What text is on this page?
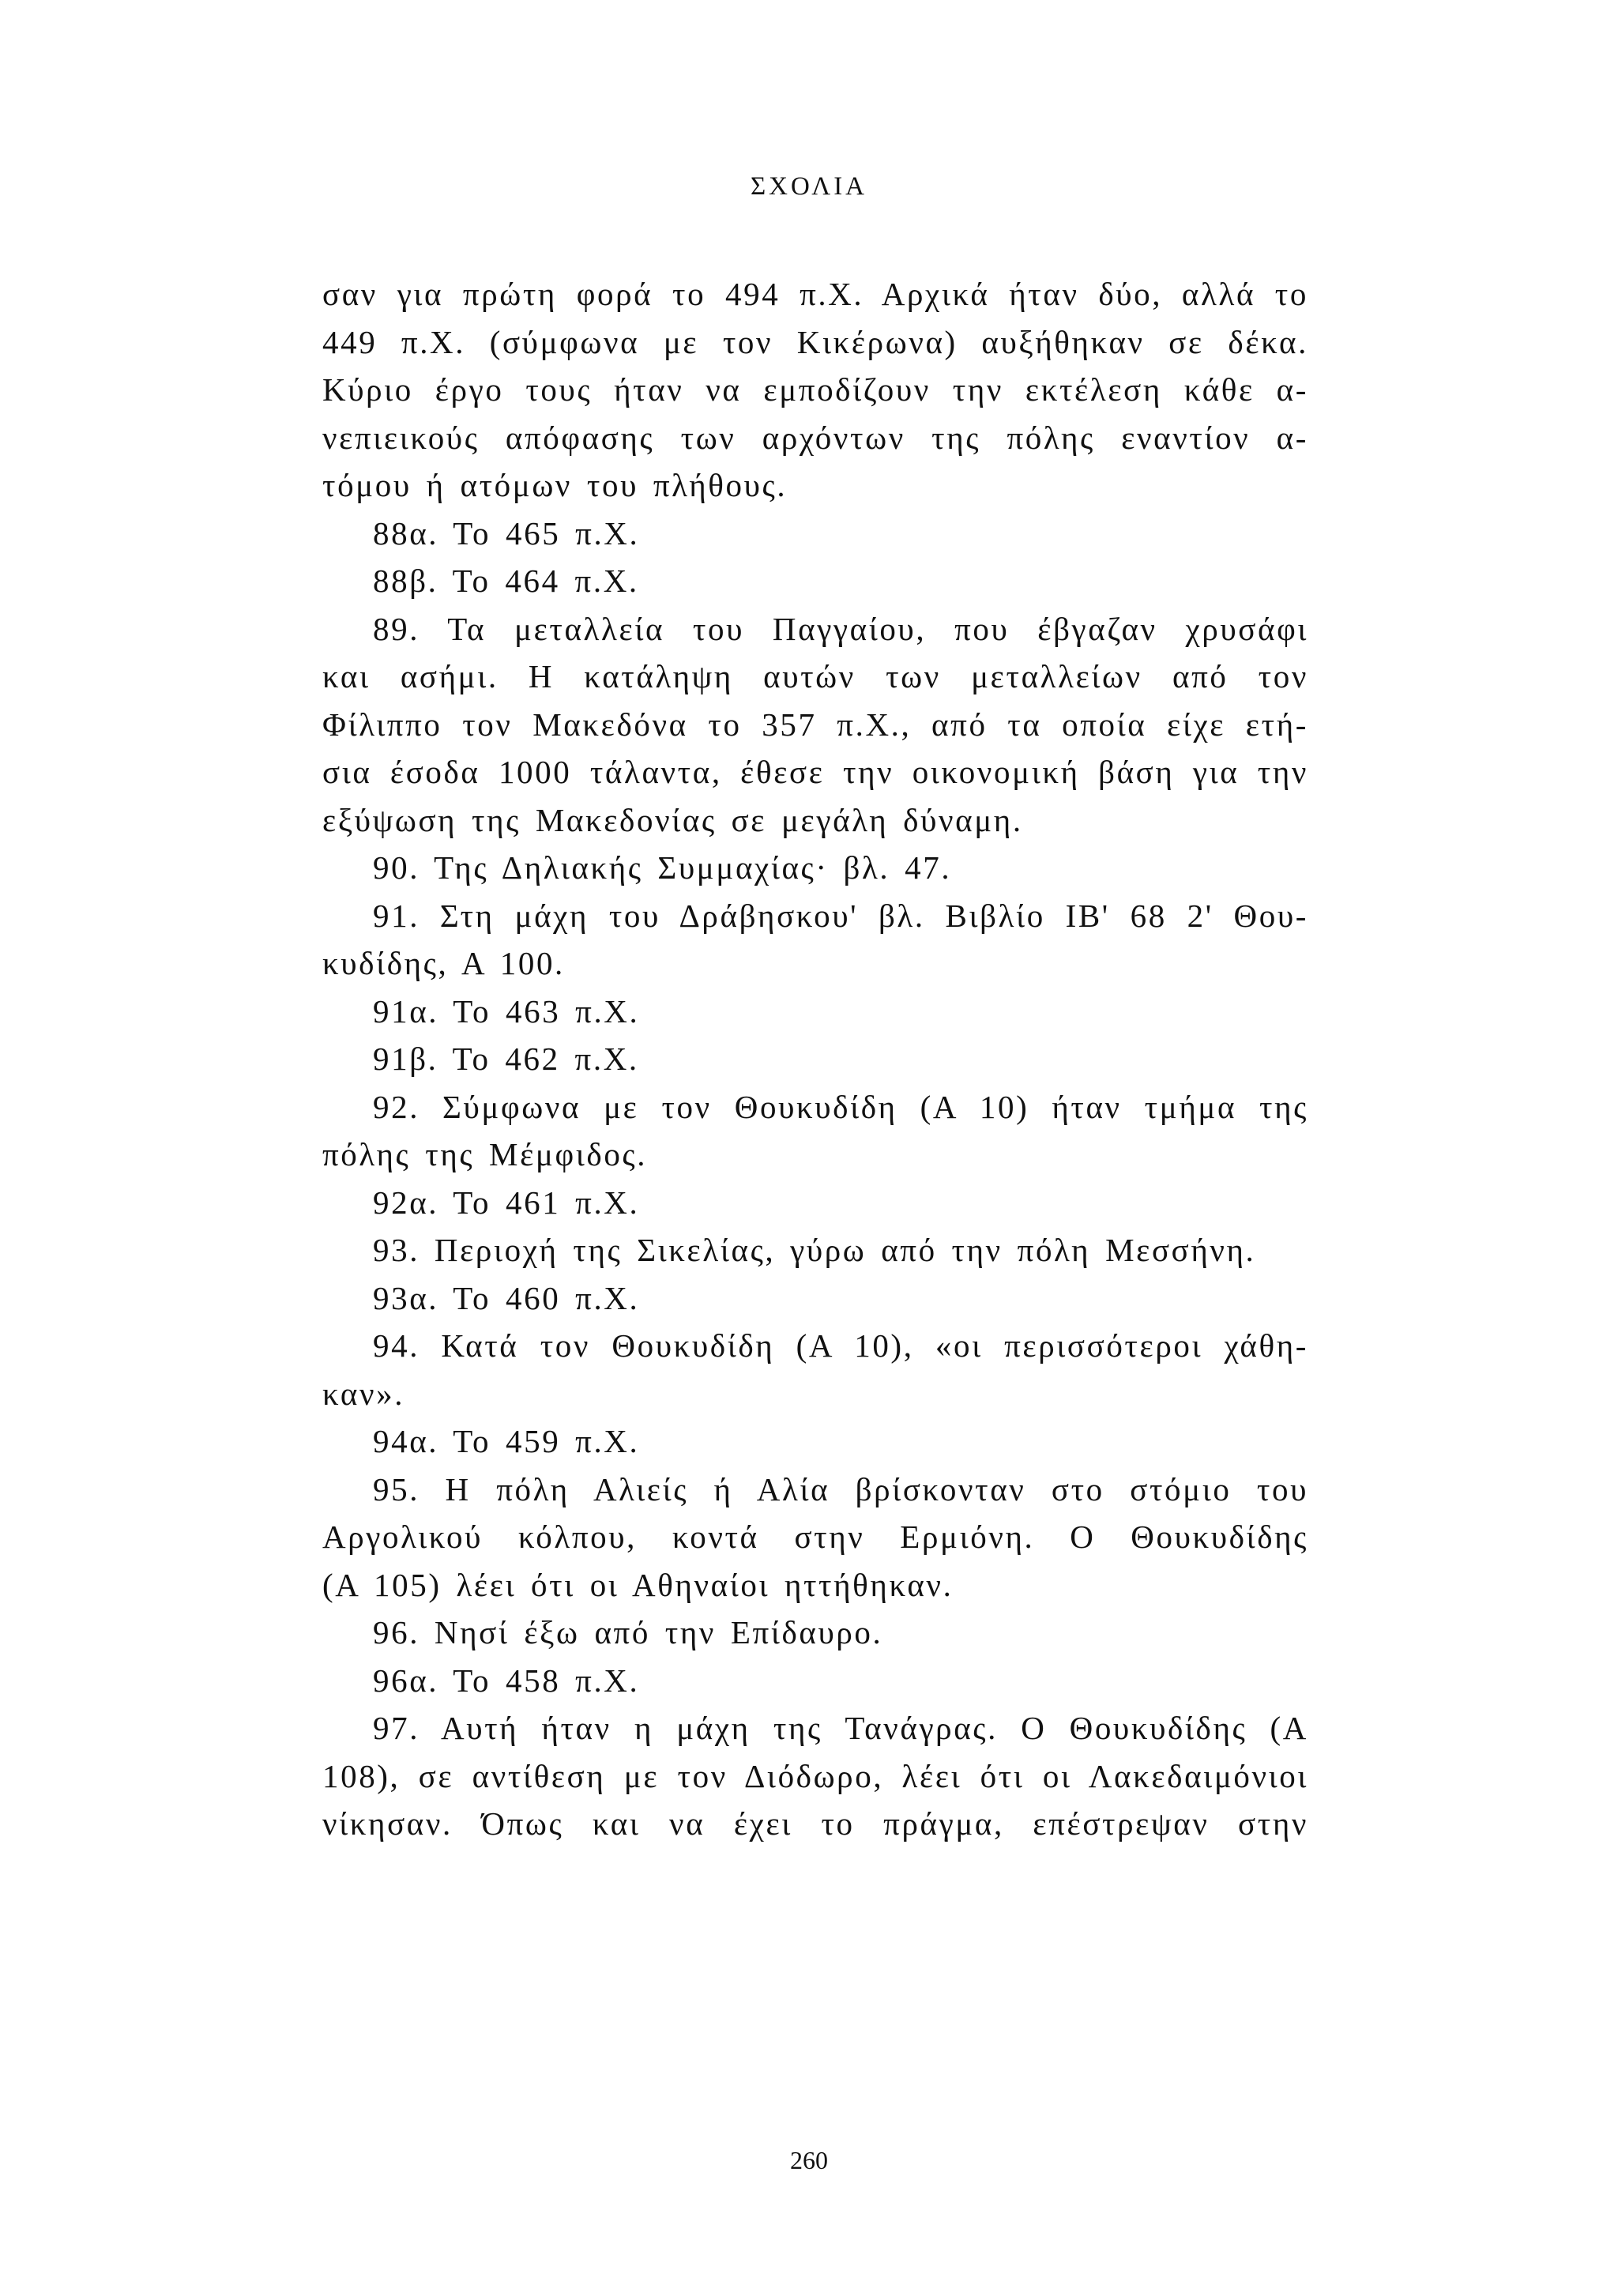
ΣΧΟΛΙΑ
σαν για πρώτη φορά το 494 π.Χ. Αρχικά ήταν δύο, αλλά το
449 π.Χ. (σύμφωνα με τον Κικέρωνα) αυξήθηκαν σε δέκα.
Κύριο έργο τους ήταν να εμποδίζουν την εκτέλεση κάθε α-
νεπιεικούς απόφασης των αρχόντων της πόλης εναντίον α-
τόμου ή ατόμων του πλήθους.
88α. Το 465 π.Χ.
88β. Το 464 π.Χ.
89. Τα μεταλλεία του Παγγαίου, που έβγαζαν χρυσάφι
και ασήμι. Η κατάληψη αυτών των μεταλλείων από τον
Φίλιππο τον Μακεδόνα το 357 π.Χ., από τα οποία είχε ετή-
σια έσοδα 1000 τάλαντα, έθεσε την οικονομική βάση για την
εξύψωση της Μακεδονίας σε μεγάλη δύναμη.
90. Της Δηλιακής Συμμαχίας· βλ. 47.
91. Στη μάχη του Δράβησκου' βλ. Βιβλίο ΙΒ' 68 2' Θου-
κυδίδης, Α 100.
91α. Το 463 π.Χ.
91β. Το 462 π.Χ.
92. Σύμφωνα με τον Θουκυδίδη (Α 10) ήταν τμήμα της
πόλης της Μέμφιδος.
92α. Το 461 π.Χ.
93. Περιοχή της Σικελίας, γύρω από την πόλη Μεσσήνη.
93α. Το 460 π.Χ.
94. Κατά τον Θουκυδίδη (Α 10), «οι περισσότεροι χάθη-
καν».
94α. Το 459 π.Χ.
95. Η πόλη Αλιείς ή Αλία βρίσκονταν στο στόμιο του
Αργολικού κόλπου, κοντά στην Ερμιόνη. Ο Θουκυδίδης
(Α 105) λέει ότι οι Αθηναίοι ηττήθηκαν.
96. Νησί έξω από την Επίδαυρο.
96α. Το 458 π.Χ.
97. Αυτή ήταν η μάχη της Τανάγρας. Ο Θουκυδίδης (Α
108), σε αντίθεση με τον Διόδωρο, λέει ότι οι Λακεδαιμόνιοι
νίκησαν. Όπως και να έχει το πράγμα, επέστρεψαν στην
260
